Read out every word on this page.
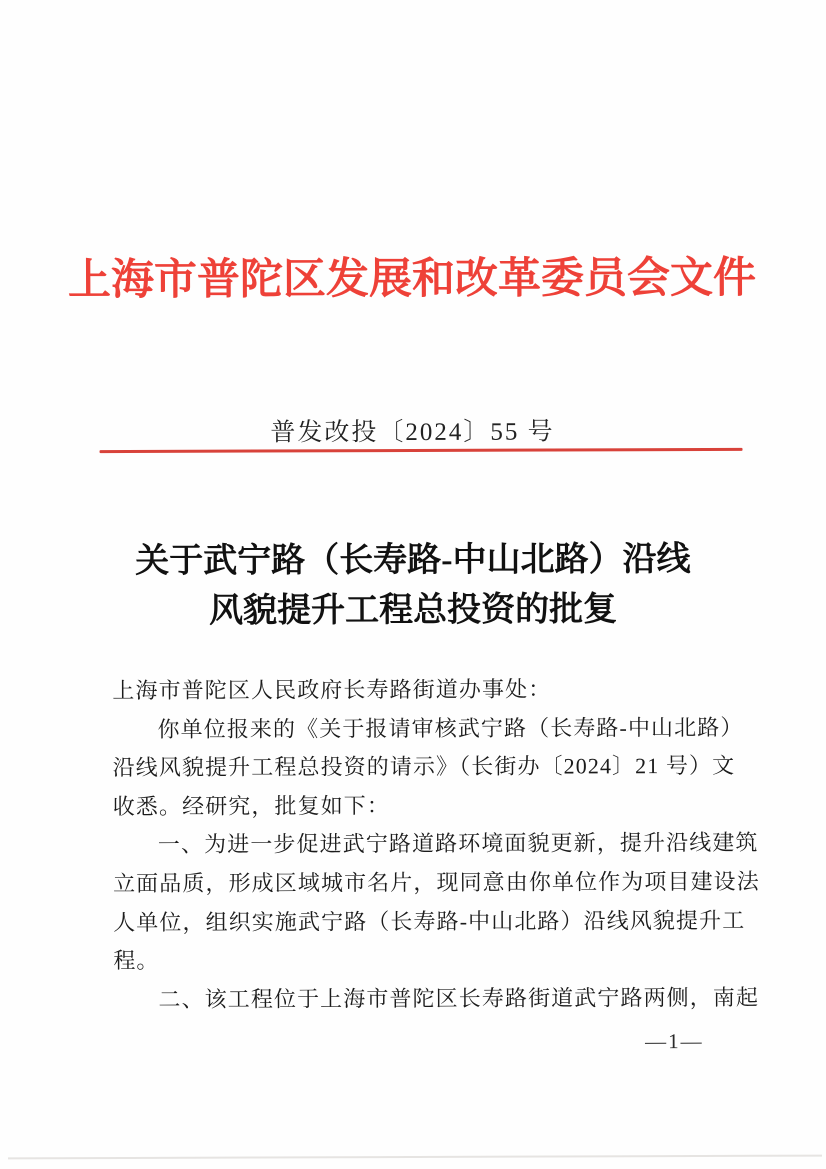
上海市普陀区发展和改革委员会文件
普发改投〔2024〕55 号
关于武宁路（长寿路-中山北路）沿线
风貌提升工程总投资的批复

上海市普陀区人民政府长寿路街道办事处：

你单位报来的《关于报请审核武宁路（长寿路-中山北路）

沿线风貌提升工程总投资的请示》（长街办〔2024〕21 号）文

收悉。经研究，批复如下：

一、为进一步促进武宁路道路环境面貌更新，提升沿线建筑

立面品质，形成区域城市名片，现同意由你单位作为项目建设法

人单位，组织实施武宁路（长寿路-中山北路）沿线风貌提升工

程。

二、该工程位于上海市普陀区长寿路街道武宁路两侧，南起

—1—
